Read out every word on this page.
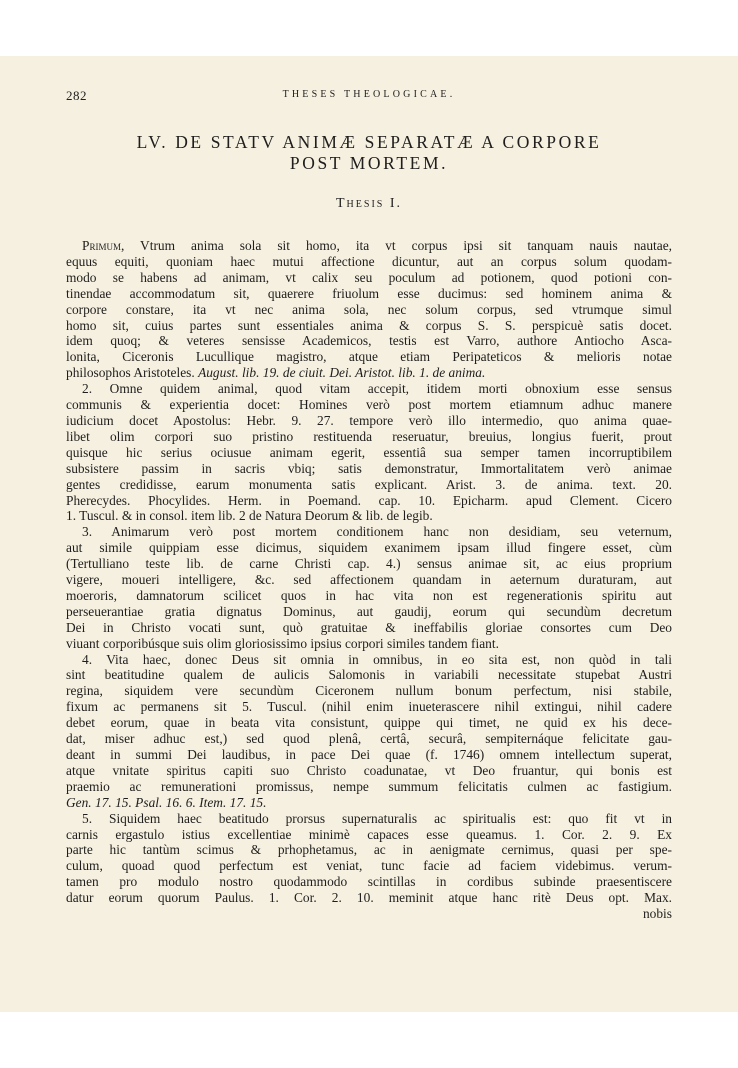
282	THESES THEOLOGICAE.
LV. DE STATV ANIMÆ SEPARATÆ A CORPORE
POST MORTEM.
Thesis I.
Primum, Vtrum anima sola sit homo, ita vt corpus ipsi sit tanquam nauis nautae,
equus equiti, quoniam haec mutui affectione dicuntur, aut an corpus solum quodam-
modo se habens ad animam, vt calix seu poculum ad potionem, quod potioni con-
tinendae accommodatum sit, quaerere friuolum esse ducimus: sed hominem anima &
corpore constare, ita vt nec anima sola, nec solum corpus, sed vtrumque simul
homo sit, cuius partes sunt essentiales anima & corpus S. S. perspicuè satis docet.
idem quoq; & veteres sensisse Academicos, testis est Varro, authore Antiocho Asca-
lonita, Ciceronis Lucullique magistro, atque etiam Peripateticos & melioris notae
philosophos Aristoteles. August. lib. 19. de ciuit. Dei. Aristot. lib. 1. de anima.
2. Omne quidem animal, quod vitam accepit, itidem morti obnoxium esse sensus
communis & experientia docet: Homines verò post mortem etiamnum adhuc manere
iudicium docet Apostolus: Hebr. 9. 27. tempore verò illo intermedio, quo anima quae-
libet olim corpori suo pristino restituenda reseruatur, breuius, longius fuerit, prout
quisque hic serius ociusue animam egerit, essentiâ sua semper tamen incorruptibilem
subsistere passim in sacris vbiq; satis demonstratur, Immortalitatem verò animae
gentes credidisse, earum monumenta satis explicant. Arist. 3. de anima. text. 20.
Pherecydes. Phocylides. Herm. in Poemand. cap. 10. Epicharm. apud Clement. Cicero
1. Tuscul. & in consol. item lib. 2 de Natura Deorum & lib. de legib.
3. Animarum verò post mortem conditionem hanc non desidiam, seu veternum,
aut simile quippiam esse dicimus, siquidem exanimem ipsam illud fingere esset, cùm
(Tertulliano teste lib. de carne Christi cap. 4.) sensus animae sit, ac eius proprium
vigere, moueri intelligere, &c. sed affectionem quandam in aeternum duraturam, aut
moeroris, damnatorum scilicet quos in hac vita non est regenerationis spiritu aut
perseuerantiae gratia dignatus Dominus, aut gaudij, eorum qui secundùm decretum
Dei in Christo vocati sunt, quò gratuitae & ineffabilis gloriae consortes cum Deo
viuant corporibúsque suis olim gloriosissimo ipsius corpori similes tandem fiant.
4. Vita haec, donec Deus sit omnia in omnibus, in eo sita est, non quòd in tali
sint beatitudine qualem de aulicis Salomonis in variabili necessitate stupebat Austri
regina, siquidem vere secundùm Ciceronem nullum bonum perfectum, nisi stabile,
fixum ac permanens sit 5. Tuscul. (nihil enim inueterascere nihil extingui, nihil cadere
debet eorum, quae in beata vita consistunt, quippe qui timet, ne quid ex his dece-
dat, miser adhuc est,) sed quod plenâ, certâ, securâ, sempiternáque felicitate gau-
deant in summi Dei laudibus, in pace Dei quae (f. 1746) omnem intellectum superat,
atque vnitate spiritus capiti suo Christo coadunatae, vt Deo fruantur, qui bonis est
praemio ac remunerationi promissus, nempe summum felicitatis culmen ac fastigium.
Gen. 17. 15. Psal. 16. 6. Item. 17. 15.
5. Siquidem haec beatitudo prorsus supernaturalis ac spiritualis est: quo fit vt in
carnis ergastulo istius excellentiae minimè capaces esse queamus. 1. Cor. 2. 9. Ex
parte hic tantùm scimus & prhophetamus, ac in aenigmate cernimus, quasi per spe-
culum, quoad quod perfectum est veniat, tunc facie ad faciem videbimus. verum-
tamen pro modulo nostro quodammodo scintillas in cordibus subinde praesentiscere
datur eorum quorum Paulus. 1. Cor. 2. 10. meminit atque hanc ritè Deus opt. Max.
nobis
